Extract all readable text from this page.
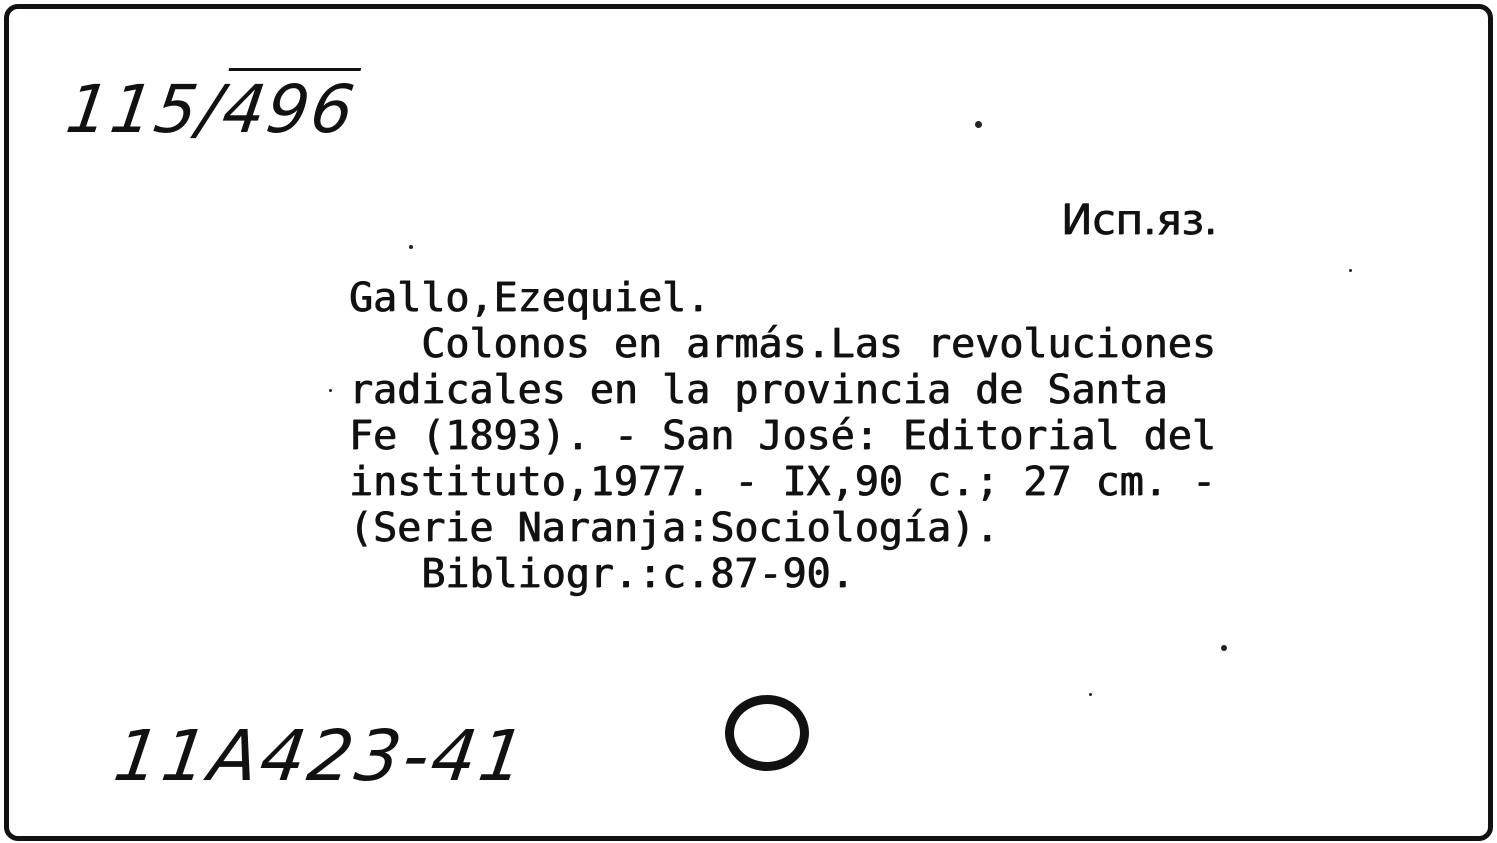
115/496
Исп.яз.
Gallo,Ezequiel.
Colonos en armás.Las revoluciones
radicales en la provincia de Santa
Fe (1893). - San José: Editorial del
instituto,1977. - IX,90 c.; 27 cm. -
(Serie Naranja:Sociología).
Bibliogr.:c.87-90.
11A423-41
